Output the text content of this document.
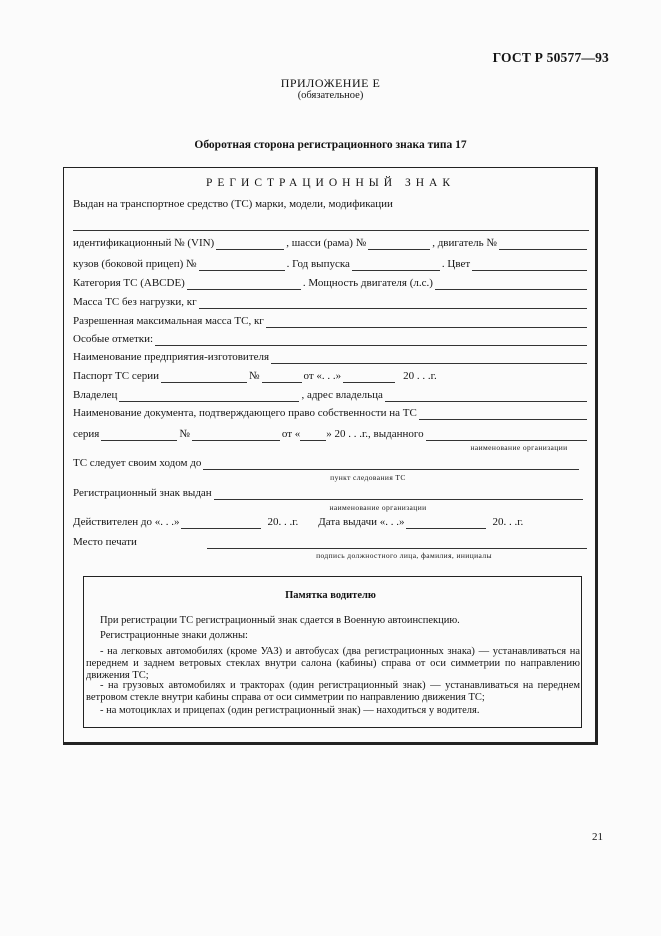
ГОСТ Р 50577—93
ПРИЛОЖЕНИЕ Е
(обязательное)
Оборотная сторона регистрационного знака типа 17
РЕГИСТРАЦИОННЫЙ ЗНАК
Выдан на транспортное средство (ТС) марки, модели, модификации
идентификационный № (VIN)	, шасси (рама) №	, двигатель №
кузов (боковой прицеп) №	. Год выпуска	. Цвет
Категория ТС (ABCDE)	. Мощность двигателя (л.с.)
Масса ТС без нагрузки, кг
Разрешенная максимальная масса ТС, кг
Особые отметки:
Наименование предприятия-изготовителя
Паспорт ТС серии	№	от «. . .»	20 . . .г.
Владелец	, адрес владельца
Наименование документа, подтверждающего право собственности на ТС
серия	№	от « » 20 . . .г., выданного
наименование организации
ТС следует своим ходом до
пункт следования ТС
Регистрационный знак выдан
наименование организации
Действителен до «. . .»	20. . .г. Дата выдачи «. . .»	20. . .г.
Место печати
подпись должностного лица, фамилия, инициалы
Памятка водителю
При регистрации ТС регистрационный знак сдается в Военную автоинспекцию.
Регистрационные знаки должны:
- на легковых автомобилях (кроме УАЗ) и автобусах (два регистрационных знака) — устанавливаться на переднем и заднем ветровых стеклах внутри салона (кабины) справа от оси симметрии по направлению движения ТС;
- на грузовых автомобилях и тракторах (один регистрационный знак) — устанавливаться на переднем ветровом стекле внутри кабины справа от оси симметрии по направлению движения ТС;
- на мотоциклах и прицепах (один регистрационный знак) — находиться у водителя.
21
